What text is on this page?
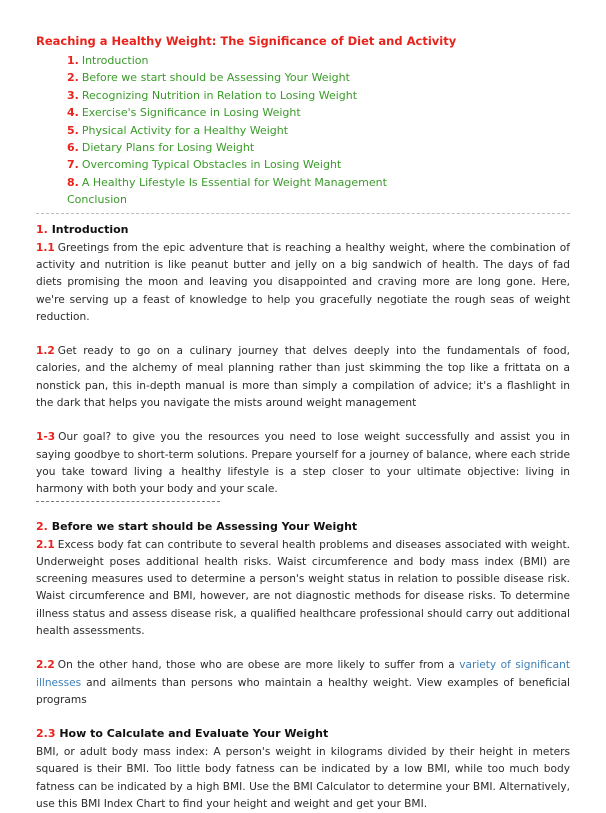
Reaching a Healthy Weight: The Significance of Diet and Activity
1. Introduction
2. Before we start should be Assessing Your Weight
3. Recognizing Nutrition in Relation to Losing Weight
4. Exercise's Significance in Losing Weight
5. Physical Activity for a Healthy Weight
6. Dietary Plans for Losing Weight
7. Overcoming Typical Obstacles in Losing Weight
8. A Healthy Lifestyle Is Essential for Weight Management
Conclusion
1. Introduction

1.1 Greetings from the epic adventure that is reaching a healthy weight, where the combination of activity and nutrition is like peanut butter and jelly on a big sandwich of health. The days of fad diets promising the moon and leaving you disappointed and craving more are long gone. Here, we're serving up a feast of knowledge to help you gracefully negotiate the rough seas of weight reduction.

1.2 Get ready to go on a culinary journey that delves deeply into the fundamentals of food, calories, and the alchemy of meal planning rather than just skimming the top like a frittata on a nonstick pan, this in-depth manual is more than simply a compilation of advice; it's a flashlight in the dark that helps you navigate the mists around weight management

1-3 Our goal? to give you the resources you need to lose weight successfully and assist you in saying goodbye to short-term solutions. Prepare yourself for a journey of balance, where each stride you take toward living a healthy lifestyle is a step closer to your ultimate objective: living in harmony with both your body and your scale.

2. Before we start should be Assessing Your Weight

2.1 Excess body fat can contribute to several health problems and diseases associated with weight. Underweight poses additional health risks. Waist circumference and body mass index (BMI) are screening measures used to determine a person's weight status in relation to possible disease risk. Waist circumference and BMI, however, are not diagnostic methods for disease risks. To determine illness status and assess disease risk, a qualified healthcare professional should carry out additional health assessments.

2.2 On the other hand, those who are obese are more likely to suffer from a variety of significant illnesses and ailments than persons who maintain a healthy weight. View examples of beneficial programs

2.3 How to Calculate and Evaluate Your Weight

BMI, or adult body mass index: A person's weight in kilograms divided by their height in meters squared is their BMI. Too little body fatness can be indicated by a low BMI, while too much body fatness can be indicated by a high BMI. Use the BMI Calculator to determine your BMI. Alternatively, use this BMI Index Chart to find your height and weight and get your BMI.
